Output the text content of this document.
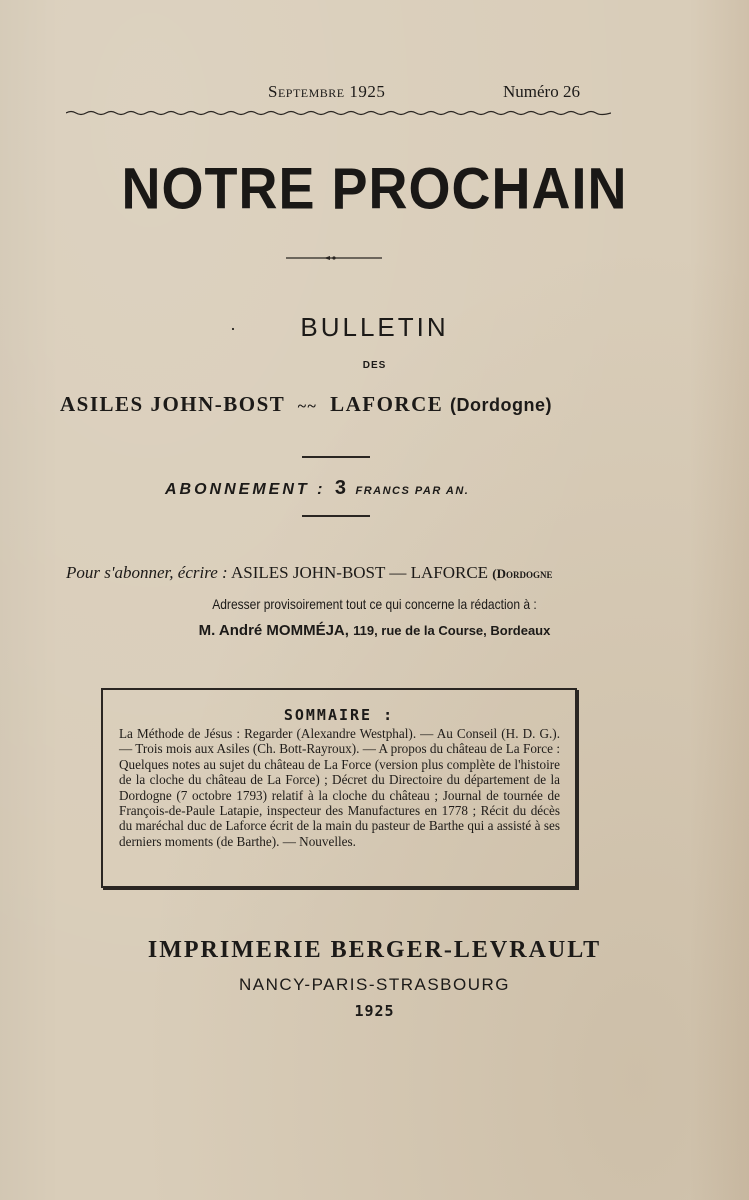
Septembre 1925	Numéro 26
NOTRE PROCHAIN
·	BULLETIN
DES
ASILES JOHN-BOST ~~ LAFORCE (Dordogne)
ABONNEMENT : 3 FRANCS PAR AN.
Pour s'abonner, écrire : ASILES JOHN-BOST — LAFORCE (Dordogne
Adresser provisoirement tout ce qui concerne la rédaction à :
M. André MOMMÉJA, 119, rue de la Course, Bordeaux
SOMMAIRE :
La Méthode de Jésus : Regarder (Alexandre Westphal). — Au Conseil (H. D. G.). — Trois mois aux Asiles (Ch. Bott-Rayroux). — A propos du château de La Force : Quelques notes au sujet du château de La Force (version plus complète de l'histoire de la cloche du château de La Force) ; Décret du Directoire du département de la Dordogne (7 octobre 1793) relatif à la cloche du château ; Journal de tournée de François-de-Paule Latapie, inspecteur des Manufactures en 1778 ; Récit du décès du maréchal duc de Laforce écrit de la main du pasteur de Barthe qui a assisté à ses derniers moments (de Barthe). — Nouvelles.
IMPRIMERIE BERGER-LEVRAULT
NANCY-PARIS-STRASBOURG
1925
